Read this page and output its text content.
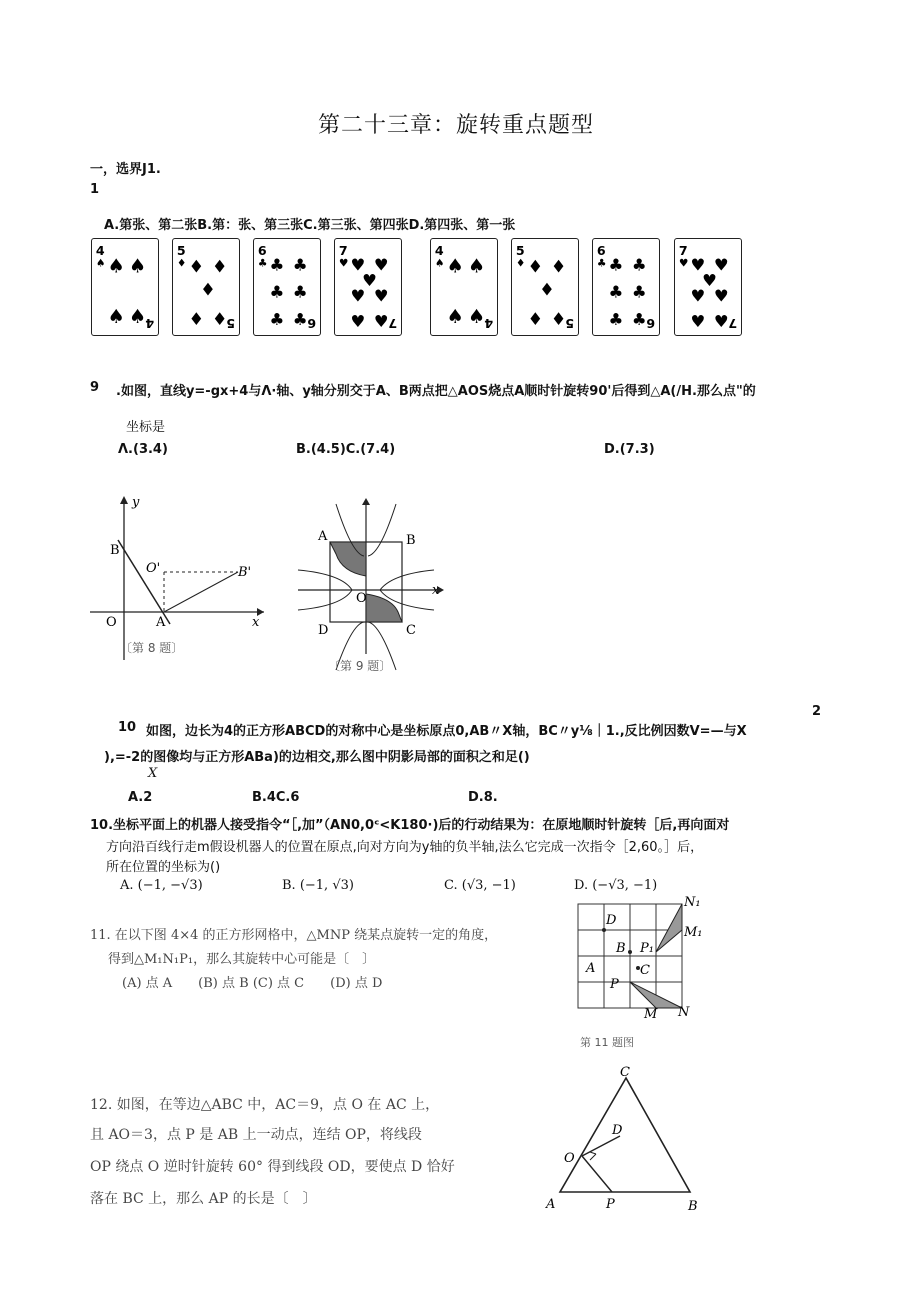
第二十三章：旋转重点题型
一，选界J1.
1
A.第张、第二张B.第：张、第三张C.第三张、第四张D.第四张、第一张
4
♠ ♠ ♠
♠ ♠ 4
5
♦ ♦ ♦
♦
♦ ♦
5
6
♣ ♣ ♣
♣ ♣
♣ ♣ 6
7
♥ ♥ ♥
♥
♥ ♥
♥ ♥ 7
4
♠ ♠ ♠
♠ ♠ 4
5
♦ ♦ ♦
♦
♦ ♦
5
6
♣ ♣ ♣
♣ ♣
♣ ♣ 6
7
♥ ♥ ♥
♥
♥ ♥
♥ ♥ 7
9 .如图，直线y=-gx+4与Λ·轴、y轴分别交于A、B两点把△AOS烧点A顺时针旋转90'后得到△A(/H.那么点"的
坐标是
Λ.(3.4)	B.(4.5)C.(7.4)	D.(7.3)
y
B
O'	B'
O	A	x
〔第 8 题〕
A	B
C
D
O
x
〔第 9 题〕
2
10 如图，边长为4的正方形ABCD的对称中心是坐标原点0,AB〃X轴，BC〃y⅛｜1.,反比例因数V=—与X
),=-2的图像均与正方形ABa)的边相交,那么图中阴影局部的面积之和足()
X
A.2	B.4C.6	D.8.
10.坐标平面上的机器人接受指令“［,加”（AN0,0ᶜ<K180·)后的行动结果为：在原地顺时针旋转［后,再向面对
方向沿百线行走m假设机器人的位置在原点,向对方向为y轴的负半轴,法么它完成一次指令［2,60。］后，
所在位置的坐标为()
A. (−1, −√3)	B. (−1, √3)	C. (√3, −1)	D. (−√3, −1)
11. 在以下图 4×4 的正方形网格中，△MNP 绕某点旋转一定的角度，
得到△M₁N₁P₁，那么其旋转中心可能是〔　〕
(A) 点 A　　(B) 点 B (C) 点 C　　(D) 点 D
N₁
D
M₁
P₁
B
A	C
P
M N
第 11 题图
12. 如图，在等边△ABC 中，AC＝9，点 O 在 AC 上，
且 AO＝3，点 P 是 AB 上一动点，连结 OP，将线段
OP 绕点 O 逆时针旋转 60° 得到线段 OD，要使点 D 恰好
落在 BC 上，那么 AP 的长是〔　〕
C
D
O
A	P	B
